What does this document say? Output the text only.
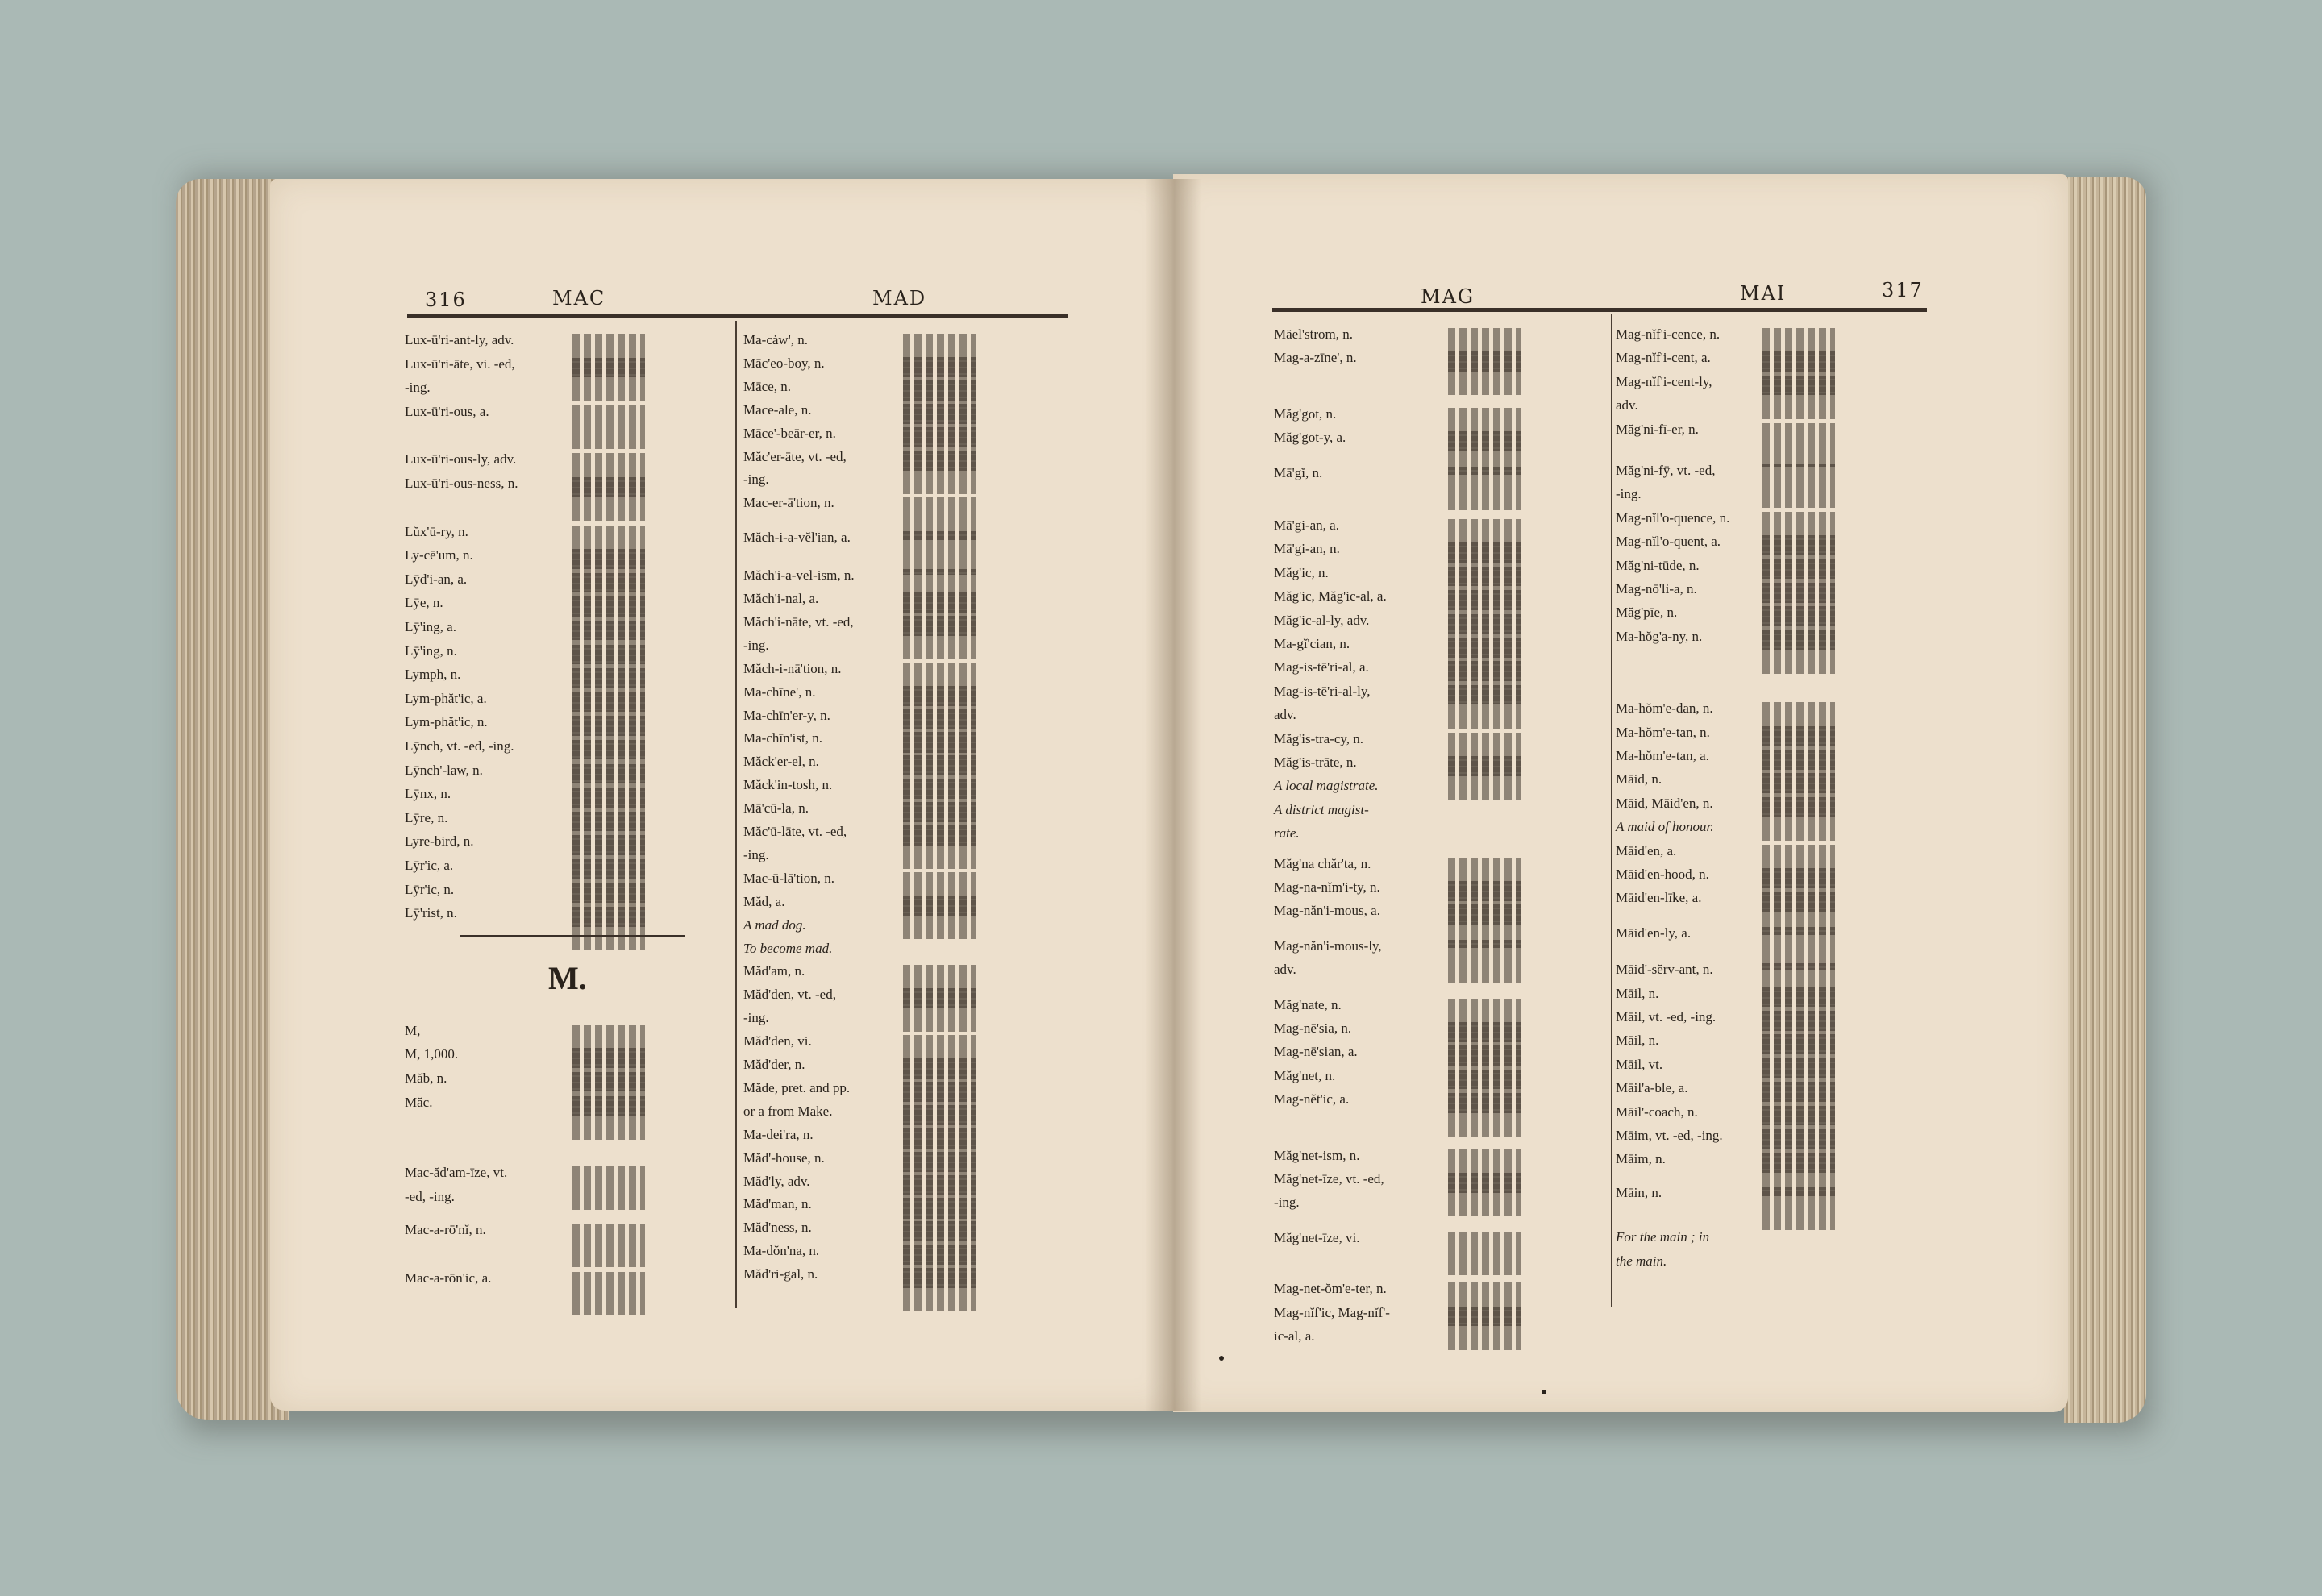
316	MAC	MAD	MAG	MAI	317
Lux-ū'ri-ant-ly, adv.
Lux-ū'ri-āte, vi. -ed,
-ing.
Lux-ū'ri-ous, a.
Lux-ū'ri-ous-ly, adv.
Lux-ū'ri-ous-ness, n.
Lŭx'ū-ry, n.
Ly-cē'um, n.
Lȳd'i-an, a.
Lȳe, n.
Lȳ'ing, a.
Lȳ'ing, n.
Lymph, n.
Lym-phăt'ic, a.
Lym-phăt'ic, n.
Lȳnch, vt. -ed, -ing.
Lȳnch'-law, n.
Lȳnx, n.
Lȳre, n.
Lyre-bird, n.
Lȳr'ic, a.
Lȳr'ic, n.
Lȳ'rist, n.
M,
M, 1,000.
Măb, n.
Măc.
Mac-ăd'am-īze, vt.
-ed, -ing.
Mac-a-rō'nĭ, n.
Mac-a-rōn'ic, a.
Ma-cȧw', n.
Māc'eo-boy, n.
Māce, n.
Mace-ale, n.
Māce'-beār-er, n.
Măc'er-āte, vt. -ed,
-ing.
Mac-er-ā'tion, n.
Măch-i-a-vĕl'ian, a.
Măch'i-a-vel-ism, n.
Măch'i-nal, a.
Măch'i-nāte, vt. -ed,
-ing.
Măch-i-nā'tion, n.
Ma-chīne', n.
Ma-chīn'er-y, n.
Ma-chīn'ist, n.
Măck'er-el, n.
Măck'in-tosh, n.
Mā'cū-la, n.
Măc'ū-lāte, vt. -ed,
-ing.
Mac-ū-lā'tion, n.
Măd, a.
A mad dog.
To become mad.
Măd'am, n.
Măd'den, vt. -ed,
-ing.
Măd'den, vi.
Măd'der, n.
Măde, pret. and pp.
or a from Make.
Ma-dei'ra, n.
Măd'-house, n.
Măd'ly, adv.
Măd'man, n.
Măd'ness, n.
Ma-dŏn'na, n.
Măd'ri-gal, n.
M.
Mäel'strom, n.
Mag-a-zīne', n.
Măg'got, n.
Măg'got-y, a.
Mā'gĭ, n.
Mā'gi-an, a.
Mā'gi-an, n.
Măg'ic, n.
Măg'ic, Măg'ic-al, a.
Măg'ic-al-ly, adv.
Ma-gĭ'cian, n.
Mag-is-tē'ri-al, a.
Mag-is-tē'ri-al-ly,
adv.
Măg'is-tra-cy, n.
Măg'is-trāte, n.
A local magistrate.
A district magist-
rate.
Măg'na chăr'ta, n.
Mag-na-nĭm'i-ty, n.
Mag-năn'i-mous, a.
Mag-năn'i-mous-ly,
adv.
Măg'nate, n.
Mag-nē'sia, n.
Mag-nē'sian, a.
Măg'net, n.
Mag-nĕt'ic, a.
Măg'net-ism, n.
Măg'net-īze, vt. -ed,
-ing.
Măg'net-īze, vi.
Mag-net-ŏm'e-ter, n.
Mag-nĭf'ic, Mag-nĭf'-
ic-al, a.
Mag-nĭf'i-cence, n.
Mag-nĭf'i-cent, a.
Mag-nĭf'i-cent-ly,
adv.
Măg'ni-fī-er, n.
Măg'ni-fȳ, vt. -ed,
-ing.
Mag-nĭl'o-quence, n.
Mag-nĭl'o-quent, a.
Măg'ni-tūde, n.
Mag-nō'li-a, n.
Măg'pīe, n.
Ma-hŏg'a-ny, n.
Ma-hŏm'e-dan, n.
Ma-hŏm'e-tan, n.
Ma-hŏm'e-tan, a.
Māid, n.
Māid, Māid'en, n.
A maid of honour.
Māid'en, a.
Māid'en-hood, n.
Māid'en-līke, a.
Māid'en-ly, a.
Māid'-sĕrv-ant, n.
Māil, n.
Māil, vt. -ed, -ing.
Māil, n.
Māil, vt.
Māil'a-ble, a.
Māil'-coach, n.
Māim, vt. -ed, -ing.
Māim, n.
Māin, n.
For the main ; in
the main.
